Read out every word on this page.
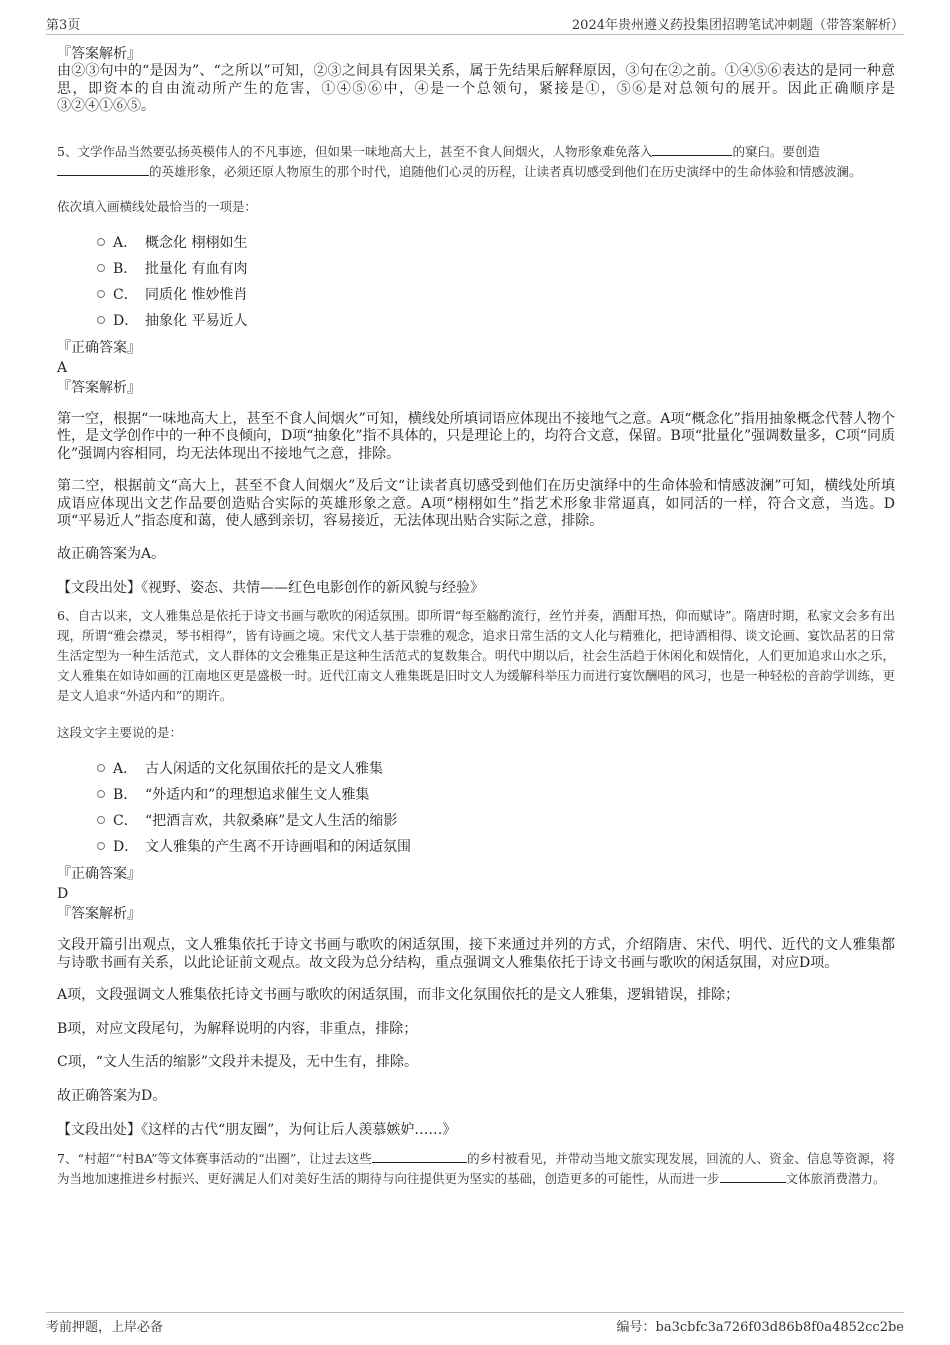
第3页	2024年贵州遵义药投集团招聘笔试冲刺题（带答案解析）

『答案解析』

由②③句中的“是因为”、“之所以”可知，②③之间具有因果关系，属于先结果后解释原因，③句在②之前。①④⑤⑥表达的是同一种意思，即资本的自由流动所产生的危害，①④⑤⑥中，④是一个总领句，紧接是①，⑤⑥是对总领句的展开。因此正确顺序是③②④①⑥⑤。

5、文学作品当然要弘扬英模伟人的不凡事迹，但如果一味地高大上，甚至不食人间烟火，人物形象难免落入	的窠臼。要创造
的英雄形象，必须还原人物原生的那个时代，追随他们心灵的历程，让读者真切感受到他们在历史演绎中的生命体验和情感波澜。

依次填入画横线处最恰当的一项是：

A． 概念化 栩栩如生
B． 批量化 有血有肉
C． 同质化 惟妙惟肖
D． 抽象化 平易近人

『正确答案』

A

『答案解析』

第一空，根据“一味地高大上，甚至不食人间烟火”可知，横线处所填词语应体现出不接地气之意。A项“概念化”指用抽象概念代替人物个性，是文学创作中的一种不良倾向，D项“抽象化”指不具体的，只是理论上的，均符合文意，保留。B项“批量化”强调数量多，C项“同质化”强调内容相同，均无法体现出不接地气之意，排除。

第二空，根据前文“高大上，甚至不食人间烟火”及后文“让读者真切感受到他们在历史演绎中的生命体验和情感波澜”可知，横线处所填成语应体现出文艺作品要创造贴合实际的英雄形象之意。A项“栩栩如生”指艺术形象非常逼真，如同活的一样，符合文意，当选。D项“平易近人”指态度和蔼，使人感到亲切，容易接近，无法体现出贴合实际之意，排除。

故正确答案为A。

【文段出处】《视野、姿态、共情——红色电影创作的新风貌与经验》

6、自古以来，文人雅集总是依托于诗文书画与歌吹的闲适氛围。即所谓“每至觞酌流行，丝竹并奏，酒酣耳热，仰而赋诗”。隋唐时期，私家文会多有出现，所谓“雅会襟灵，琴书相得”，皆有诗画之境。宋代文人基于崇雅的观念，追求日常生活的文人化与精雅化，把诗酒相得、谈文论画、宴饮品茗的日常生活定型为一种生活范式，文人群体的文会雅集正是这种生活范式的复数集合。明代中期以后，社会生活趋于休闲化和娱情化，人们更加追求山水之乐，文人雅集在如诗如画的江南地区更是盛极一时。近代江南文人雅集既是旧时文人为缓解科举压力而进行宴饮酬唱的风习，也是一种轻松的音韵学训练，更是文人追求“外适内和”的期许。

这段文字主要说的是：

A． 古人闲适的文化氛围依托的是文人雅集
B． “外适内和”的理想追求催生文人雅集
C． “把酒言欢，共叙桑麻”是文人生活的缩影
D． 文人雅集的产生离不开诗画唱和的闲适氛围

『正确答案』

D

『答案解析』

文段开篇引出观点，文人雅集依托于诗文书画与歌吹的闲适氛围，接下来通过并列的方式，介绍隋唐、宋代、明代、近代的文人雅集都与诗歌书画有关系，以此论证前文观点。故文段为总分结构，重点强调文人雅集依托于诗文书画与歌吹的闲适氛围，对应D项。

A项，文段强调文人雅集依托诗文书画与歌吹的闲适氛围，而非文化氛围依托的是文人雅集，逻辑错误，排除；

B项，对应文段尾句，为解释说明的内容，非重点，排除；

C项，“文人生活的缩影”文段并未提及，无中生有，排除。

故正确答案为D。

【文段出处】《这样的古代“朋友圈”，为何让后人羡慕嫉妒……》

7、“村超”“村BA”等文体赛事活动的“出圈”，让过去这些	的乡村被看见，并带动当地文旅实现发展，回流的人、资金、信息等资源，将为当地加速推进乡村振兴、更好满足人们对美好生活的期待与向往提供更为坚实的基础，创造更多的可能性，从而进一步	文体旅消费潜力。

考前押题，上岸必备	编号：ba3cbfc3a726f03d86b8f0a4852cc2be
